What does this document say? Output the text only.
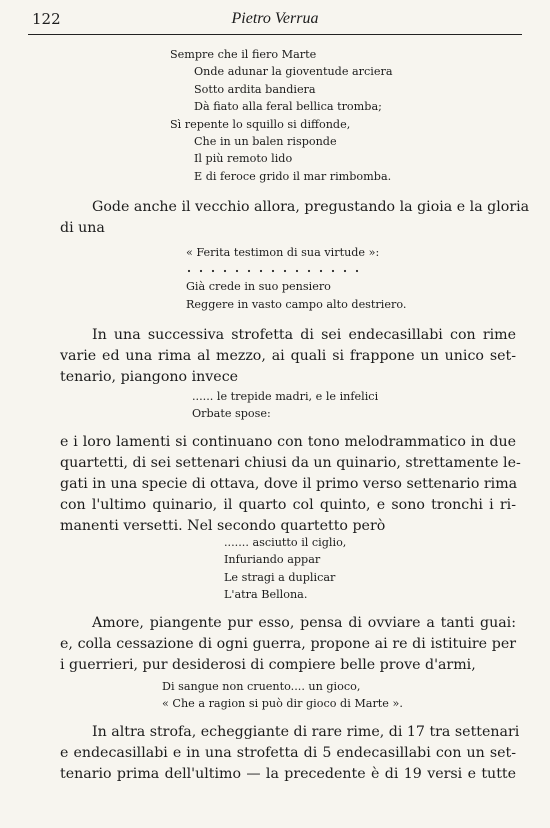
122	Pietro Verrua
Sempre che il fiero Marte
Onde adunar la gioventude arciera
Sotto ardita bandiera
Dà fiato alla feral bellica tromba;
Sì repente lo squillo si diffonde,
Che in un balen risponde
Il più remoto lido
E di feroce grido il mar rimbomba.
Gode anche il vecchio allora, pregustando la gioia e la gloria
di una
« Ferita testimon di sua virtude »:
Già crede in suo pensiero
Reggere in vasto campo alto destriero.
In una successiva strofetta di sei endecasillabi con rime
varie ed una rima al mezzo, ai quali si frappone un unico set-
tenario, piangono invece
...... le trepide madri, e le infelici
Orbate spose:
e i loro lamenti si continuano con tono melodrammatico in due
quartetti, di sei settenari chiusi da un quinario, strettamente le-
gati in una specie di ottava, dove il primo verso settenario rima
con l'ultimo quinario, il quarto col quinto, e sono tronchi i ri-
manenti versetti. Nel secondo quartetto però
....... asciutto il ciglio,
Infuriando appar
Le stragi a duplicar
L'atra Bellona.
Amore, piangente pur esso, pensa di ovviare a tanti guai:
e, colla cessazione di ogni guerra, propone ai re di istituire per
i guerrieri, pur desiderosi di compiere belle prove d'armi,
Di sangue non cruento.... un gioco,
« Che a ragion si può dir gioco di Marte ».
In altra strofa, echeggiante di rare rime, di 17 tra settenari
e endecasillabi e in una strofetta di 5 endecasillabi con un set-
tenario prima dell'ultimo — la precedente è di 19 versi e tutte
